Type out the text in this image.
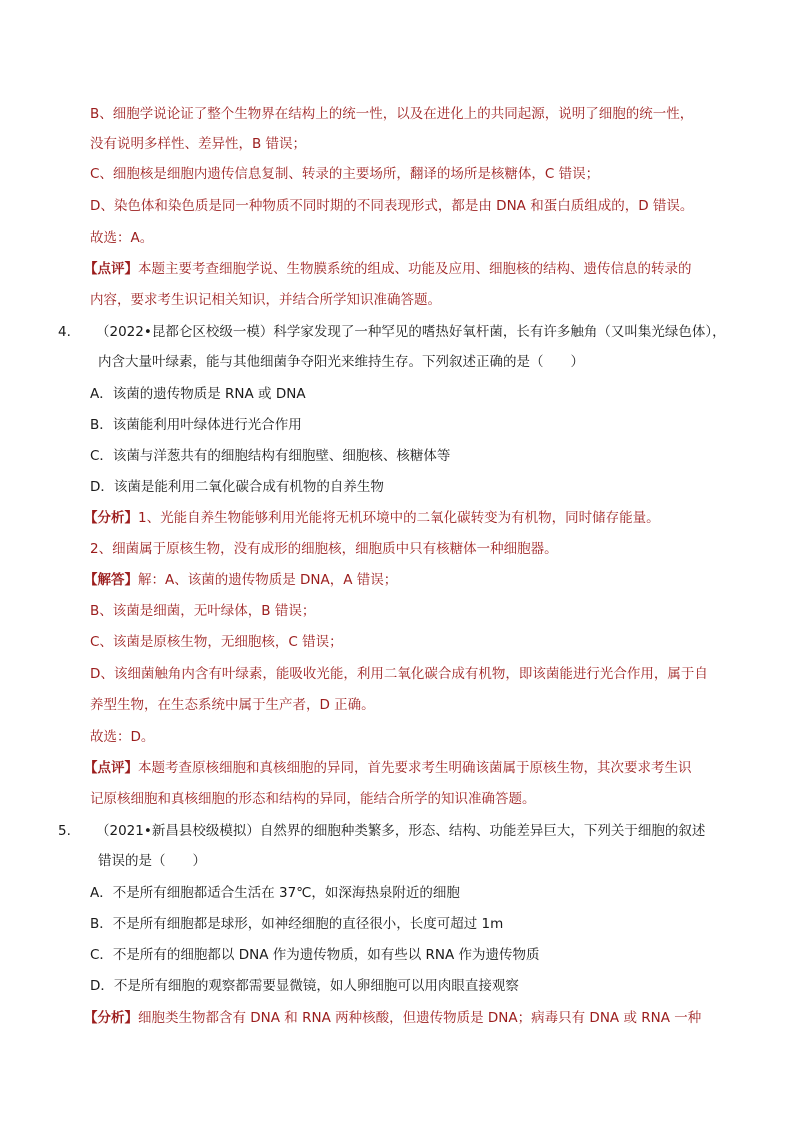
B、细胞学说论证了整个生物界在结构上的统一性，以及在进化上的共同起源，说明了细胞的统一性，
没有说明多样性、差异性，B 错误；
C、细胞核是细胞内遗传信息复制、转录的主要场所，翻译的场所是核糖体，C 错误；
D、染色体和染色质是同一种物质不同时期的不同表现形式，都是由 DNA 和蛋白质组成的，D 错误。
故选：A。
【点评】本题主要考查细胞学说、生物膜系统的组成、功能及应用、细胞核的结构、遗传信息的转录的
内容，要求考生识记相关知识，并结合所学知识准确答题。
4. （2022•昆都仑区校级一模）科学家发现了一种罕见的嗜热好氧杆菌，长有许多触角（又叫集光绿色体），
内含大量叶绿素，能与其他细菌争夺阳光来维持生存。下列叙述正确的是（　　）
A．该菌的遗传物质是 RNA 或 DNA
B．该菌能利用叶绿体进行光合作用
C．该菌与洋葱共有的细胞结构有细胞壁、细胞核、核糖体等
D．该菌是能利用二氧化碳合成有机物的自养生物
【分析】1、光能自养生物能够利用光能将无机环境中的二氧化碳转变为有机物，同时储存能量。
2、细菌属于原核生物，没有成形的细胞核，细胞质中只有核糖体一种细胞器。
【解答】解：A、该菌的遗传物质是 DNA，A 错误；
B、该菌是细菌，无叶绿体，B 错误；
C、该菌是原核生物，无细胞核，C 错误；
D、该细菌触角内含有叶绿素，能吸收光能，利用二氧化碳合成有机物，即该菌能进行光合作用，属于自
养型生物，在生态系统中属于生产者，D 正确。
故选：D。
【点评】本题考查原核细胞和真核细胞的异同，首先要求考生明确该菌属于原核生物，其次要求考生识
记原核细胞和真核细胞的形态和结构的异同，能结合所学的知识准确答题。
5. （2021•新昌县校级模拟）自然界的细胞种类繁多，形态、结构、功能差异巨大，下列关于细胞的叙述
错误的是（　　）
A．不是所有细胞都适合生活在 37℃，如深海热泉附近的细胞
B．不是所有细胞都是球形，如神经细胞的直径很小，长度可超过 1m
C．不是所有的细胞都以 DNA 作为遗传物质，如有些以 RNA 作为遗传物质
D．不是所有细胞的观察都需要显微镜，如人卵细胞可以用肉眼直接观察
【分析】细胞类生物都含有 DNA 和 RNA 两种核酸，但遗传物质是 DNA；病毒只有 DNA 或 RNA 一种
